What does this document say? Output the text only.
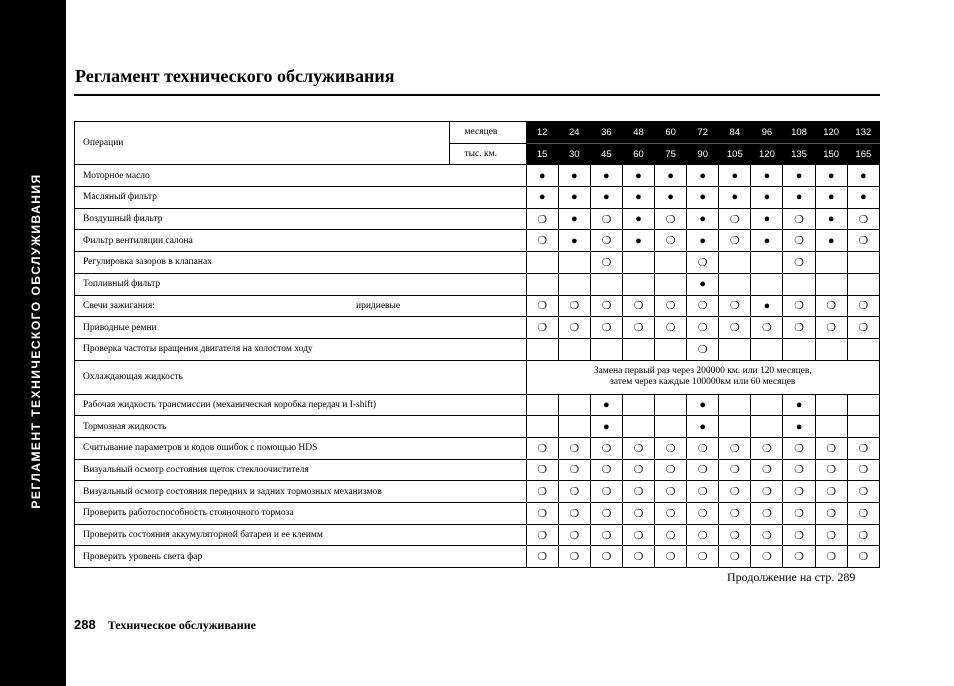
РЕГЛАМЕНТ ТЕХНИЧЕСКОГО ОБСЛУЖИВАНИЯ
Регламент технического обслуживания
Операции	месяцев	12	24	36	48	60	72	84	96	108	120	132
	тыс. км.	15	30	45	60	75	90	105	120	135	150	165
Моторное масло		●	●	●	●	●	●	●	●	●	●	●
Масляный фильтр		●	●	●	●	●	●	●	●	●	●	●
Воздушный фильтр		❍	●	❍	●	❍	●	❍	●	❍	●	❍
Фильтр вентиляции салона		❍	●	❍	●	❍	●	❍	●	❍	●	❍
Регулировка зазоров в клапанах				❍			❍			❍		
Топливный фильтр							●					
Свечи зажигания: иридиевые		❍	❍	❍	❍	❍	❍	❍	●	❍	❍	❍
Приводные ремни		❍	❍	❍	❍	❍	❍	❍	❍	❍	❍	❍
Проверка частоты вращения двигателя на холостом ходу							❍					
Охлаждающая жидкость		Замена первый раз через 200000 км. или 120 месяцев,
затем через каждые 100000км или 60 месяцев										

Рабочая жидкость трансмиссии (механическая коробка передач и I-shift)				●			●			●		
Тормозная жидкость				●			●			●		
Считывание параметров и кодов ошибок с помощью HDS		❍	❍	❍	❍	❍	❍	❍	❍	❍	❍	❍
Визуальный осмотр состояния щеток стеклоочистителя		❍	❍	❍	❍	❍	❍	❍	❍	❍	❍	❍
Визуальный осмотр состояния передних и задних тормозных механизмов		❍	❍	❍	❍	❍	❍	❍	❍	❍	❍	❍
Проверить работоспособность стояночного тормоза		❍	❍	❍	❍	❍	❍	❍	❍	❍	❍	❍
Проверить состояния аккумуляторной батареи и ее клеимм		❍	❍	❍	❍	❍	❍	❍	❍	❍	❍	❍
Проверить уровень света фар		❍	❍	❍	❍	❍	❍	❍	❍	❍	❍	❍
Продолжение на стр. 289
288 Техническое обслуживание
